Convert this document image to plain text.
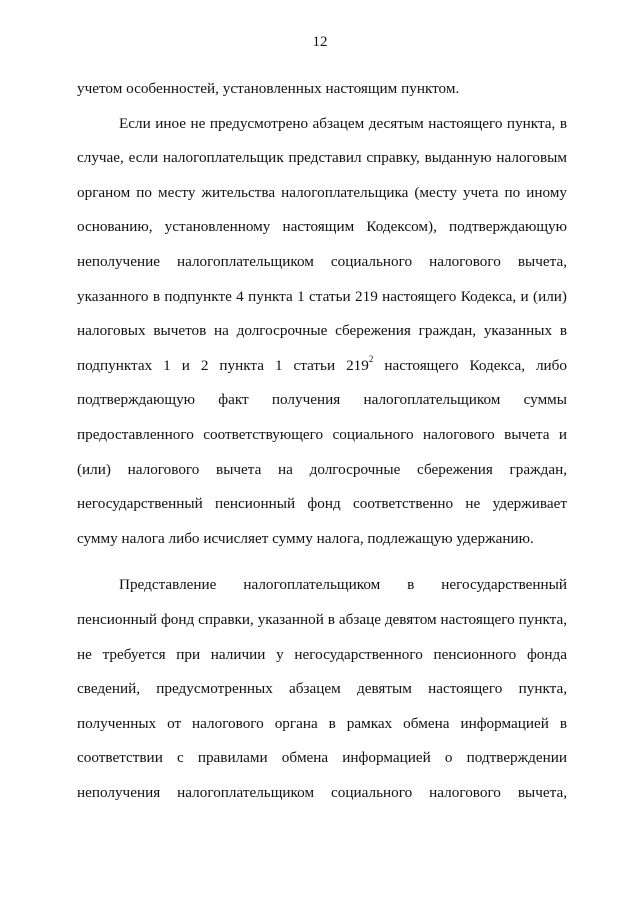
12
учетом особенностей, установленных настоящим пунктом.
Если иное не предусмотрено абзацем десятым настоящего пункта, в
случае, если налогоплательщик представил справку, выданную налоговым
органом по месту жительства налогоплательщика (месту учета по иному
основанию, установленному настоящим Кодексом), подтверждающую
неполучение налогоплательщиком социального налогового вычета,
указанного в подпункте 4 пункта 1 статьи 219 настоящего Кодекса, и (или)
налоговых вычетов на долгосрочные сбережения граждан, указанных в
подпунктах 1 и 2 пункта 1 статьи $219^2$ настоящего Кодекса, либо
подтверждающую факт получения налогоплательщиком суммы
предоставленного соответствующего социального налогового вычета и
(или) налогового вычета на долгосрочные сбережения граждан,
негосударственный пенсионный фонд соответственно не удерживает
сумму налога либо исчисляет сумму налога, подлежащую удержанию.
Представление налогоплательщиком в негосударственный
пенсионный фонд справки, указанной в абзаце девятом настоящего пункта,
не требуется при наличии у негосударственного пенсионного фонда
сведений, предусмотренных абзацем девятым настоящего пункта,
полученных от налогового органа в рамках обмена информацией в
соответствии с правилами обмена информацией о подтверждении
неполучения налогоплательщиком социального налогового вычета,
